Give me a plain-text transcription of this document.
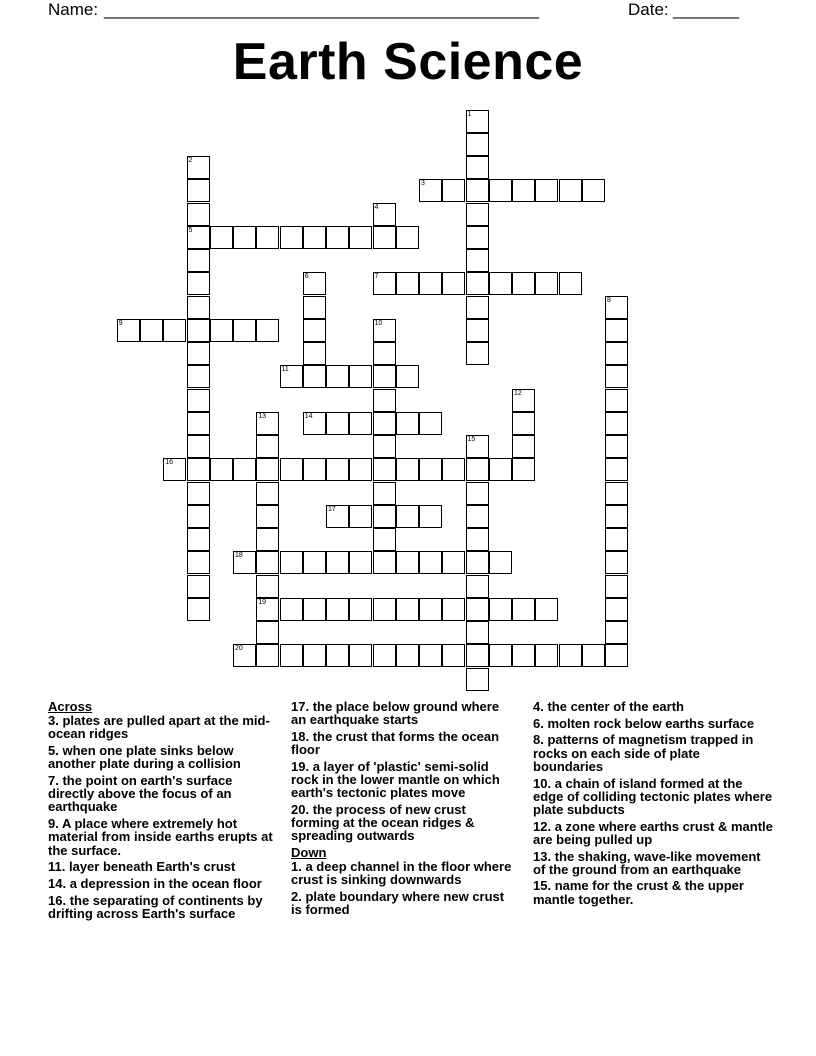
Name: ______________________________________________	Date: _______
Earth Science
1
2
5
3
4
6	7
8
9	10
11
12
13
19
14
15
16
17
18
20
Across
3. plates are pulled apart at the mid-ocean ridges
5. when one plate sinks below another plate during a collision
7. the point on earth's surface directly above the focus of an earthquake
9. A place where extremely hot material from inside earths erupts at the surface.
11. layer beneath Earth's crust
14. a depression in the ocean floor
16. the separating of continents by drifting across Earth's surface
17. the place below ground where an earthquake starts
18. the crust that forms the ocean floor
19. a layer of 'plastic' semi-solid rock in the lower mantle on which earth's tectonic plates move
20. the process of new crust forming at the ocean ridges & spreading outwards
Down
1. a deep channel in the floor where crust is sinking downwards
2. plate boundary where new crust is formed
4. the center of the earth
6. molten rock below earths surface
8. patterns of magnetism trapped in rocks on each side of plate boundaries
10. a chain of island formed at the edge of colliding tectonic plates where plate subducts
12. a zone where earths crust & mantle are being pulled up
13. the shaking, wave-like movement of the ground from an earthquake
15. name for the crust & the upper mantle together.
